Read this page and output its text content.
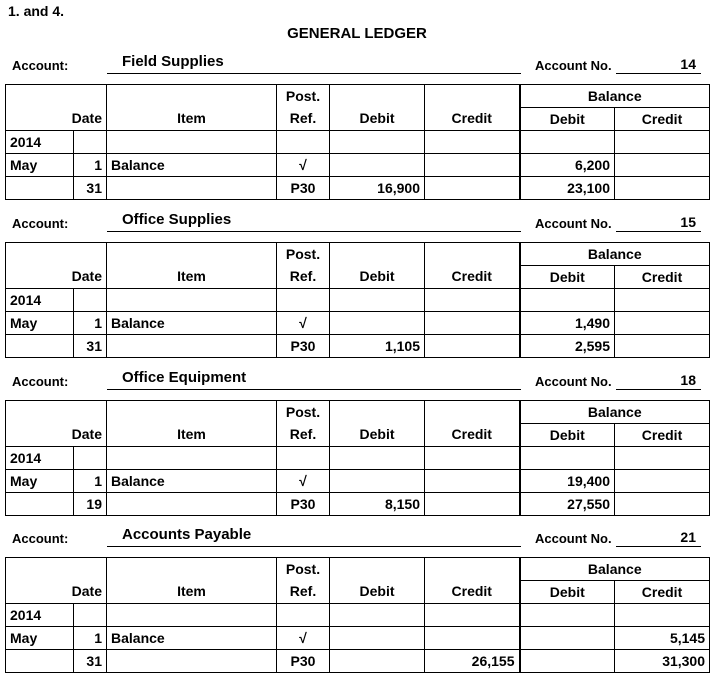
1. and 4.
GENERAL LEDGER
Account:	Field Supplies	Account No.	14
			Post.			Balance	
Date		Item	Ref.	Debit	Credit	Debit	Credit
2014							
May	1	Balance	√			6,200	
	31		P30	16,900		23,100	
Account:	Office Supplies	Account No.	15
			Post.			Balance	
Date		Item	Ref.	Debit	Credit	Debit	Credit
2014							
May	1	Balance	√			1,490	
	31		P30	1,105		2,595	
Account:	Office Equipment	Account No.	18
			Post.			Balance	
Date		Item	Ref.	Debit	Credit	Debit	Credit
2014							
May	1	Balance	√			19,400	
	19		P30	8,150		27,550	
Account:	Accounts Payable	Account No.	21
			Post.			Balance	
Date		Item	Ref.	Debit	Credit	Debit	Credit
2014							
May	1	Balance	√				5,145
	31		P30		26,155		31,300
